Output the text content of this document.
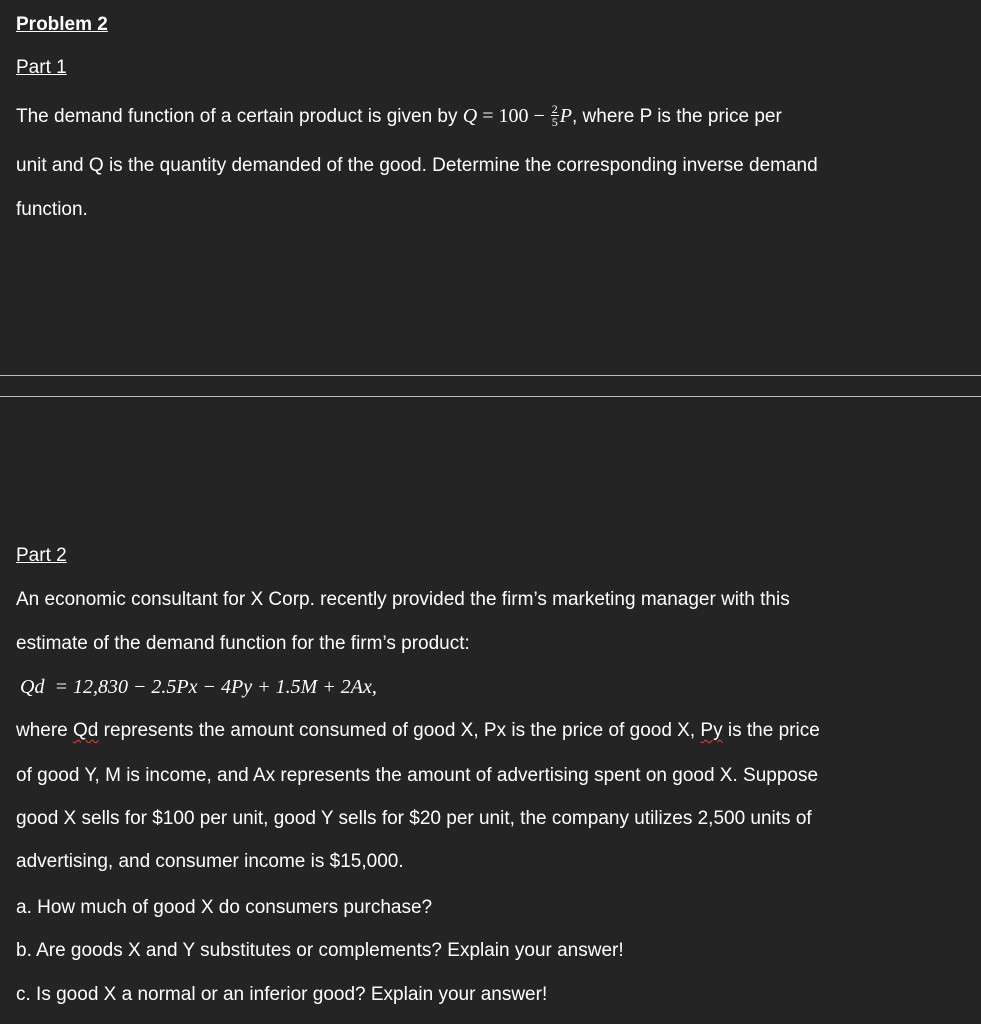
Problem 2
Part 1
The demand function of a certain product is given by $Q = 100 - \frac{2}{5} P$, where P is the price per
unit and Q is the quantity demanded of the good. Determine the corresponding inverse demand
function.
Part 2
An economic consultant for X Corp. recently provided the firm’s marketing manager with this
estimate of the demand function for the firm’s product:
Qd  = 12,830 − 2.5Px − 4Py + 1.5M + 2Ax,
where Qd represents the amount consumed of good X, Px is the price of good X, Py is the price
of good Y, M is income, and Ax represents the amount of advertising spent on good X. Suppose
good X sells for $100 per unit, good Y sells for $20 per unit, the company utilizes 2,500 units of
advertising, and consumer income is $15,000.
a. How much of good X do consumers purchase?
b. Are goods X and Y substitutes or complements? Explain your answer!
c. Is good X a normal or an inferior good? Explain your answer!
